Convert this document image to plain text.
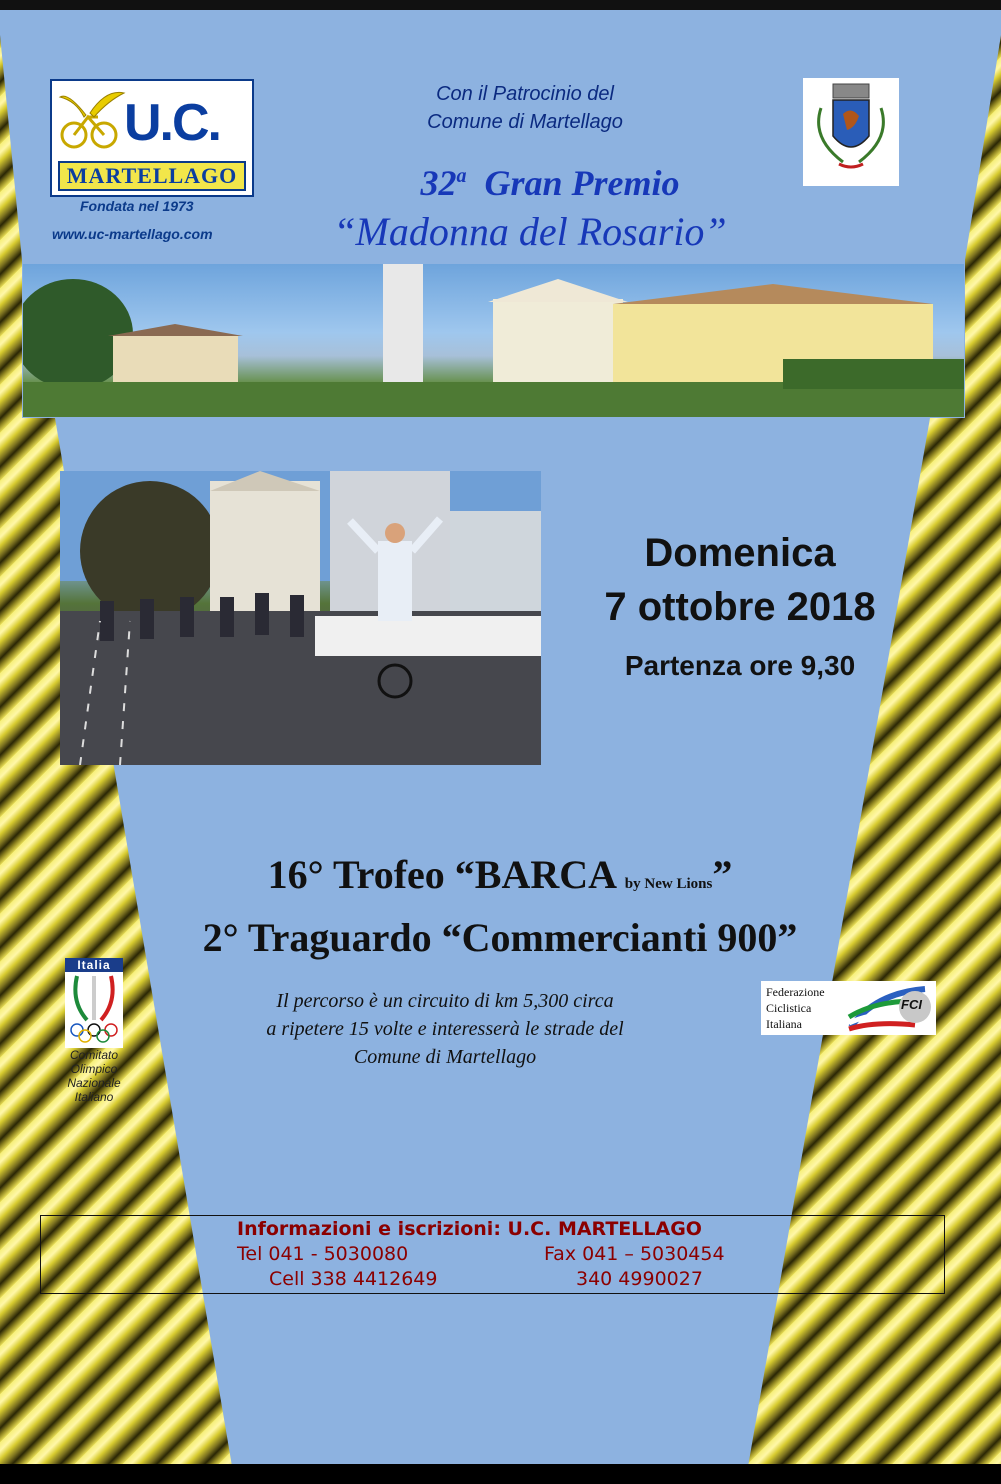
U.C.
MARTELLAGO
Fondata nel 1973
www.uc-martellago.com
Con il Patrocinio del
Comune di Martellago
32$^a$ Gran Premio
“Madonna del Rosario”
Domenica
7 ottobre 2018
Partenza ore 9,30
16° Trofeo “BARCA by New Lions”
2° Traguardo “Commercianti 900”
Italia
Comitato
Olimpico
Nazionale
Italiano
Il percorso è un circuito di km 5,300 circa
a ripetere 15 volte e interesserà le strade del
Comune di Martellago
Federazione
Ciclistica
Italiana
FCI
Informazioni e iscrizioni: U.C. MARTELLAGO
Tel 041 - 5030080	Fax 041 – 5030454
Cell 338 4412649	340 4990027
